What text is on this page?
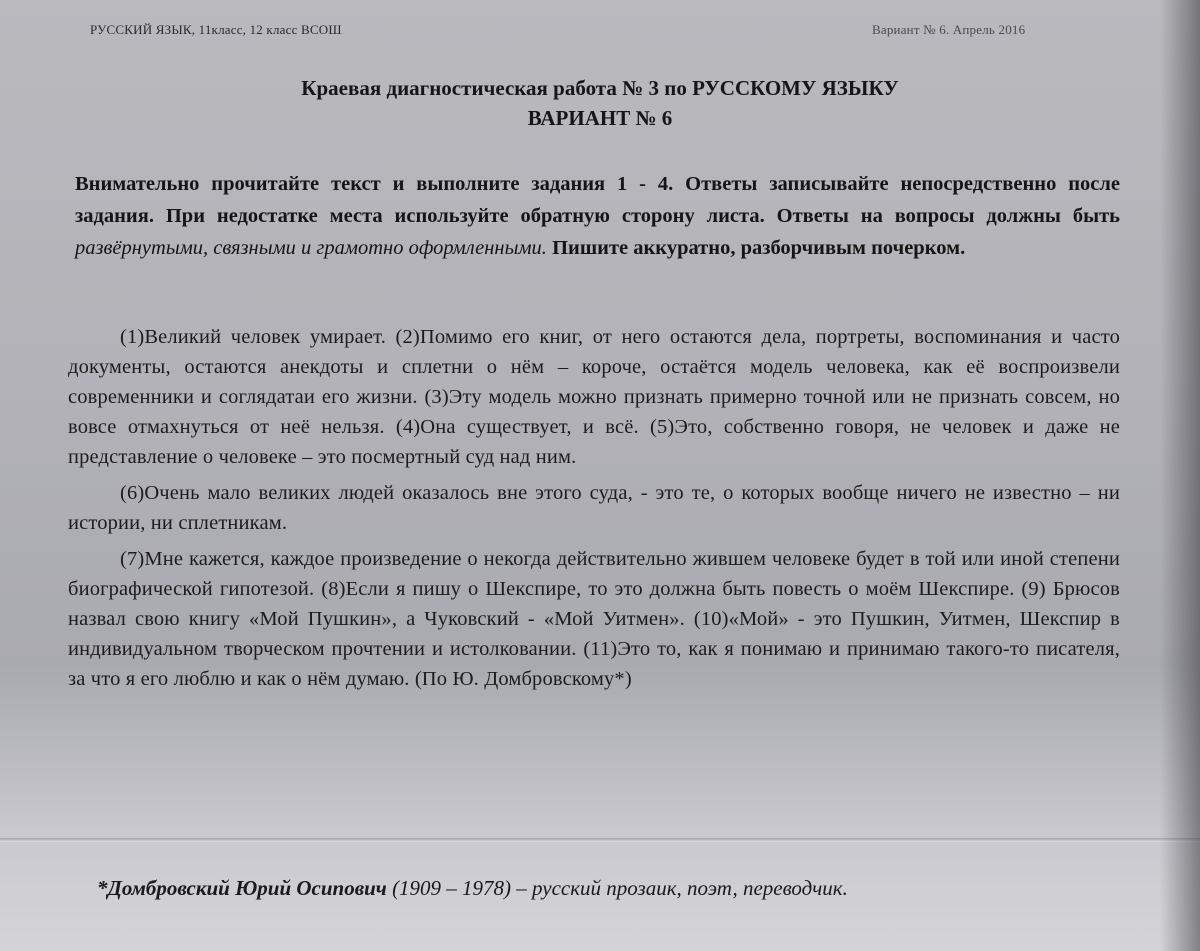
РУССКИЙ ЯЗЫК, 11класс, 12 класс ВСОШ	Вариант № 6. Апрель 2016
Краевая диагностическая работа № 3 по РУССКОМУ ЯЗЫКУ
ВАРИАНТ № 6
Внимательно прочитайте текст и выполните задания 1 - 4. Ответы записывайте непосредственно после задания. При недостатке места используйте обратную сторону листа. Ответы на вопросы должны быть развёрнутыми, связными и грамотно оформленными. Пишите аккуратно, разборчивым почерком.

(1)Великий человек умирает. (2)Помимо его книг, от него остаются дела, портреты, воспоминания и часто документы, остаются анекдоты и сплетни о нём – короче, остаётся модель человека, как её воспроизвели современники и соглядатаи его жизни. (3)Эту модель можно признать примерно точной или не признать совсем, но вовсе отмахнуться от неё нельзя. (4)Она существует, и всё. (5)Это, собственно говоря, не человек и даже не представление о человеке – это посмертный суд над ним.

(6)Очень мало великих людей оказалось вне этого суда, - это те, о которых вообще ничего не известно – ни истории, ни сплетникам.

(7)Мне кажется, каждое произведение о некогда действительно жившем человеке будет в той или иной степени биографической гипотезой. (8)Если я пишу о Шекспире, то это должна быть повесть о моём Шекспире. (9) Брюсов назвал свою книгу «Мой Пушкин», а Чуковский - «Мой Уитмен». (10)«Мой» - это Пушкин, Уитмен, Шекспир в индивидуальном творческом прочтении и истолковании. (11)Это то, как я понимаю и принимаю такого-то писателя, за что я его люблю и как о нём думаю. (По Ю. Домбровскому*)

*Домбровский Юрий Осипович (1909 – 1978) – русский прозаик, поэт, переводчик.
